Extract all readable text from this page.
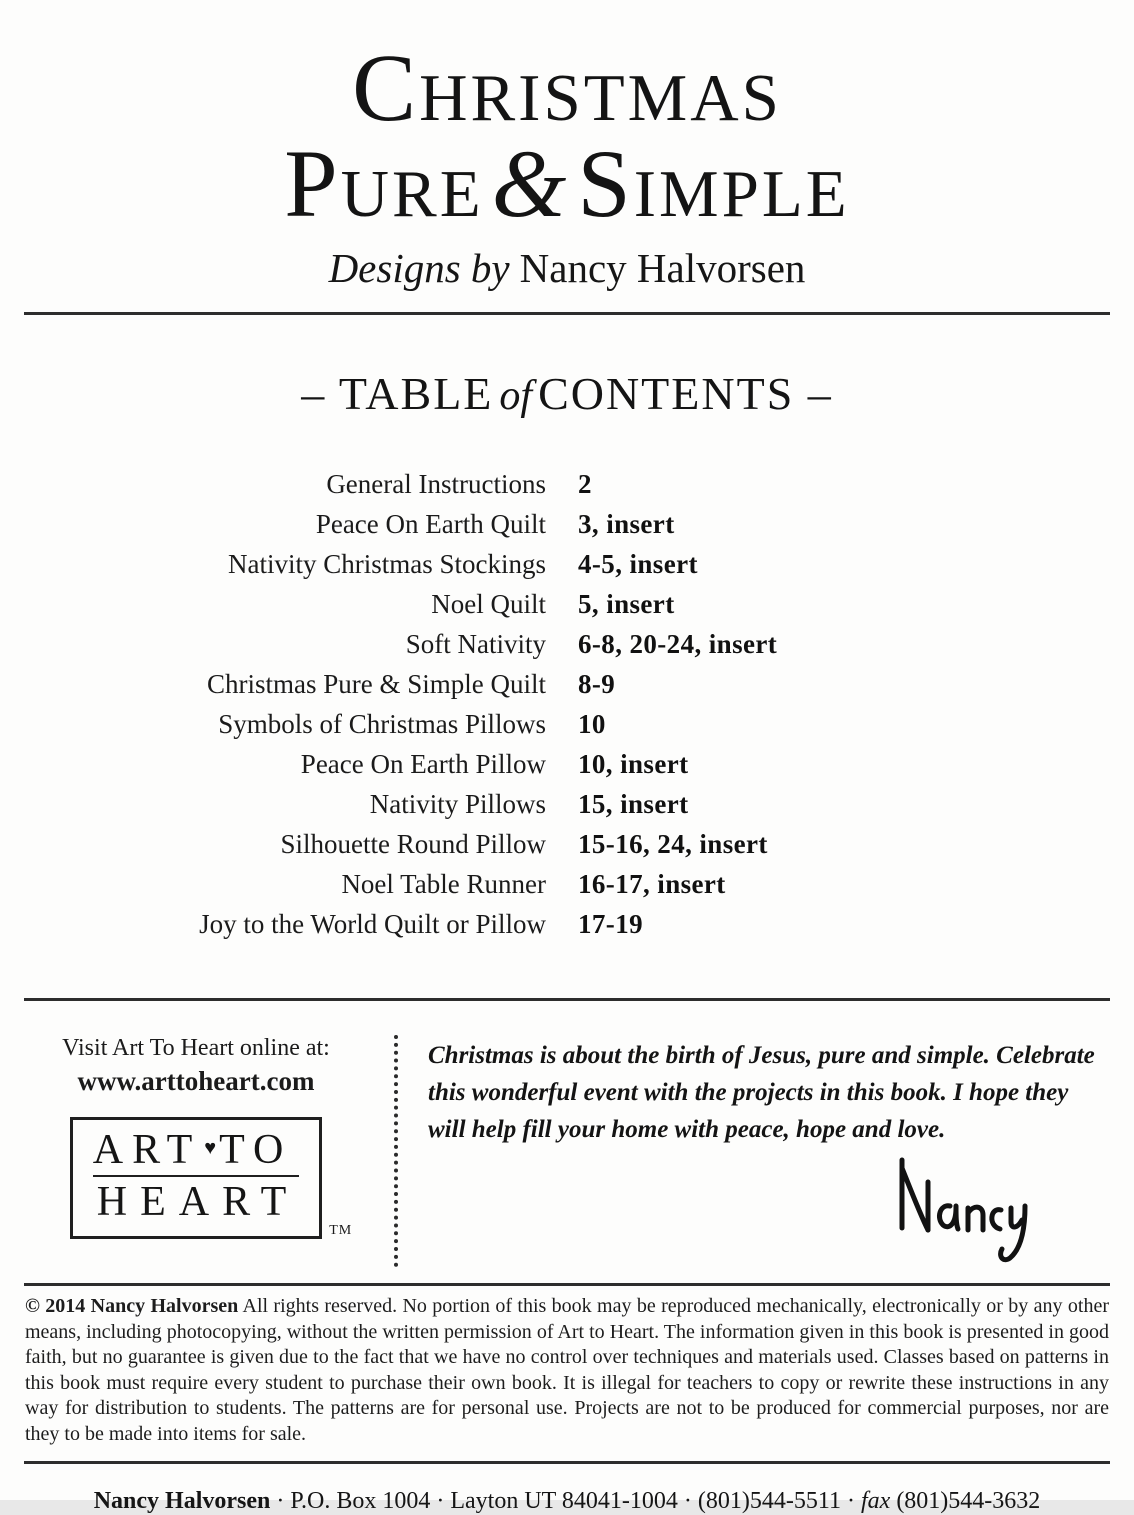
Christmas
Pure&Simple
Designs by Nancy Halvorsen
– TABLE of CONTENTS –
General Instructions 2
Peace On Earth Quilt 3, insert
Nativity Christmas Stockings 4-5, insert
Noel Quilt 5, insert
Soft Nativity 6-8, 20-24, insert
Christmas Pure & Simple Quilt 8-9
Symbols of Christmas Pillows 10
Peace On Earth Pillow 10, insert
Nativity Pillows 15, insert
Silhouette Round Pillow 15-16, 24, insert
Noel Table Runner 16-17, insert
Joy to the World Quilt or Pillow 17-19
Visit Art To Heart online at:
www.arttoheart.com
ART ♥TO
HEART
TM
Christmas is about the birth of Jesus, pure and simple. Celebrate
this wonderful event with the projects in this book. I hope they
will help fill your home with peace, hope and love.

© 2014 Nancy Halvorsen All rights reserved. No portion of this book may be reproduced mechanically, electronically or by any other means, including photocopying, without the written permission of Art to Heart. The information given in this book is presented in good faith, but no guarantee is given due to the fact that we have no control over techniques and materials used. Classes based on patterns in this book must require every student to purchase their own book. It is illegal for teachers to copy or rewrite these instructions in any way for distribution to students. The patterns are for personal use. Projects are not to be produced for commercial purposes, nor are they to be made into items for sale.

Nancy Halvorsen · P.O. Box 1004 · Layton UT 84041-1004 · (801)544-5511 · fax (801)544-3632
